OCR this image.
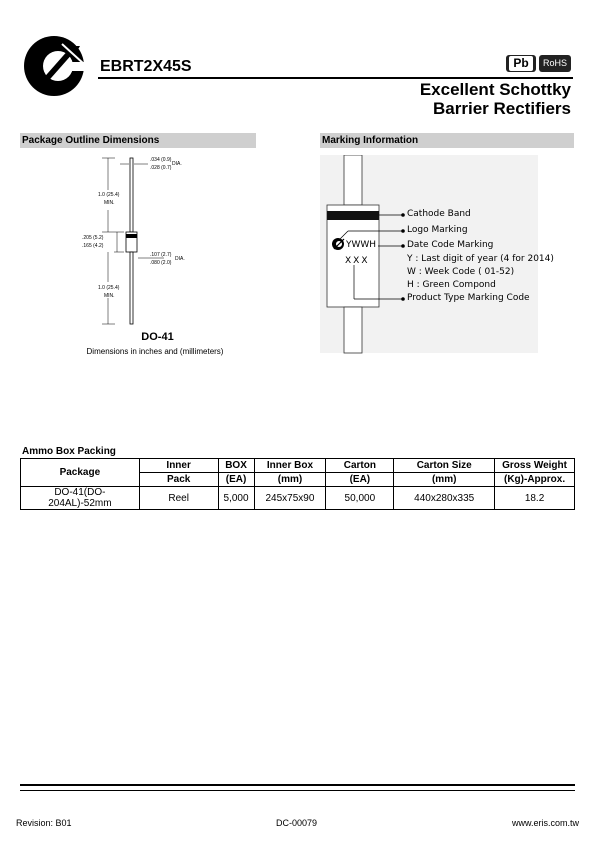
EBRT2X45S	Pb	RoHS
Excellent Schottky
Barrier Rectifiers
Package Outline Dimensions	Marking Information
.034 (0.9)
.028 (0.7)
DIA.
1.0 (25.4)
MIN.
.205 (5.2)
.165 (4.2)
.107 (2.7)
.080 (2.0)
DIA.
1.0 (25.4)
MIN.
DO-41
Dimensions in inches and (millimeters)
YWWH
XXX
Cathode Band
Logo Marking
Date Code Marking
Y : Last digit of year (4 for 2014)
W : Week Code ( 01-52)
H : Green Compond
Product Type Marking Code
Ammo Box Packing
Package	Inner	BOX	Inner Box	Carton	Carton Size	Gross Weight
	Pack	(EA)	(mm)	(EA)	(mm)	(Kg)-Approx.
DO-41(DO-204AL)-52mm	Reel	5,000	245x75x90	50,000	440x280x335	18.2
Revision: B01	DC-00079	www.eris.com.tw
